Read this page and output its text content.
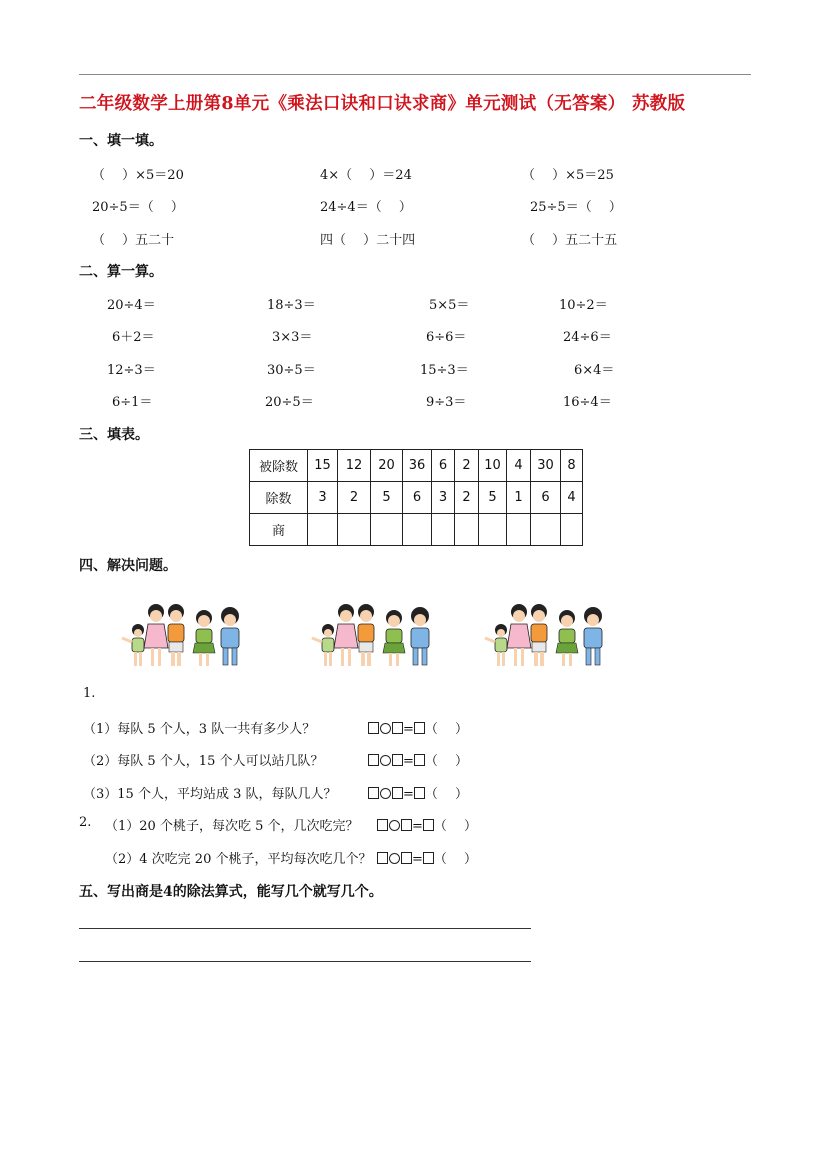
二年级数学上册第8单元《乘法口诀和口诀求商》单元测试（无答案） 苏教版
一、填一填。
（　 ）×5＝20	4×（　 ）＝24	（　 ）×5＝25
20÷5＝（　 ）	24÷4＝（　 ）	25÷5＝（　 ）
（　 ）五二十	四（　 ）二十四	（　 ）五二十五
二、算一算。
20÷4＝	18÷3＝	5×5＝	10÷2＝
6＋2＝	3×3＝	6÷6＝	24÷6＝
12÷3＝	30÷5＝	15÷3＝	6×4＝
6÷1＝	20÷5＝	9÷3＝	16÷4＝
三、填表。
被除数	15	12	20	36	6	2	10	4	30	8
除数	3	2	5	6	3	2	5	1	6	4
商										
四、解决问题。
1.
（1）每队 5 个人，3 队一共有多少人？	= （　 ）
（2）每队 5 个人，15 个人可以站几队？	= （　 ）
（3）15 个人，平均站成 3 队，每队几人？	= （　 ）
2. （1）20 个桃子，每次吃 5 个，几次吃完？	= （　 ）
（2）4 次吃完 20 个桃子，平均每次吃几个？	= （　 ）
五、写出商是4的除法算式，能写几个就写几个。
